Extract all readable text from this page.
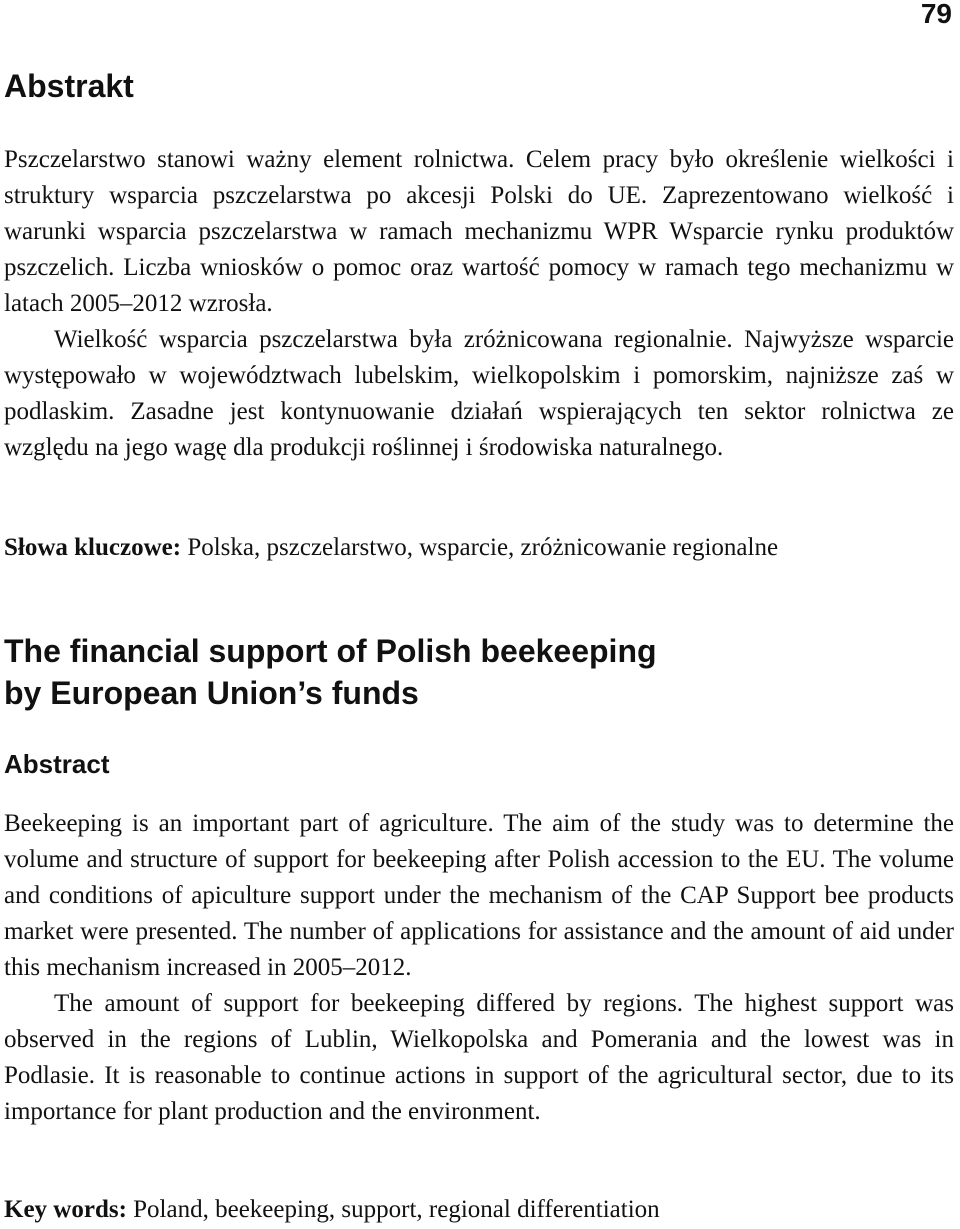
79
Abstrakt

Pszczelarstwo stanowi ważny element rolnictwa. Celem pracy było określenie wielkości i struktury wsparcia pszczelarstwa po akcesji Polski do UE. Zaprezentowano wielkość i warunki wsparcia pszczelarstwa w ramach mechanizmu WPR Wsparcie rynku produktów pszczelich. Liczba wniosków o pomoc oraz wartość pomocy w ramach tego mechanizmu w latach 2005–2012 wzrosła.

Wielkość wsparcia pszczelarstwa była zróżnicowana regionalnie. Najwyższe wsparcie występowało w województwach lubelskim, wielkopolskim i pomorskim, najniższe zaś w podlaskim. Zasadne jest kontynuowanie działań wspierających ten sektor rolnictwa ze względu na jego wagę dla produkcji roślinnej i środowiska naturalnego.

Słowa kluczowe: Polska, pszczelarstwo, wsparcie, zróżnicowanie regionalne

The financial support of Polish beekeeping
by European Union’s funds
Abstract

Beekeeping is an important part of agriculture. The aim of the study was to determine the volume and structure of support for beekeeping after Polish accession to the EU. The volume and conditions of apiculture support under the mechanism of the CAP Support bee products market were presented. The number of applications for assistance and the amount of aid under this mechanism increased in 2005–2012.

The amount of support for beekeeping differed by regions. The highest support was observed in the regions of Lublin, Wielkopolska and Pomerania and the lowest was in Podlasie. It is reasonable to continue actions in support of the agricultural sector, due to its importance for plant production and the environment.

Key words: Poland, beekeeping, support, regional differentiation
